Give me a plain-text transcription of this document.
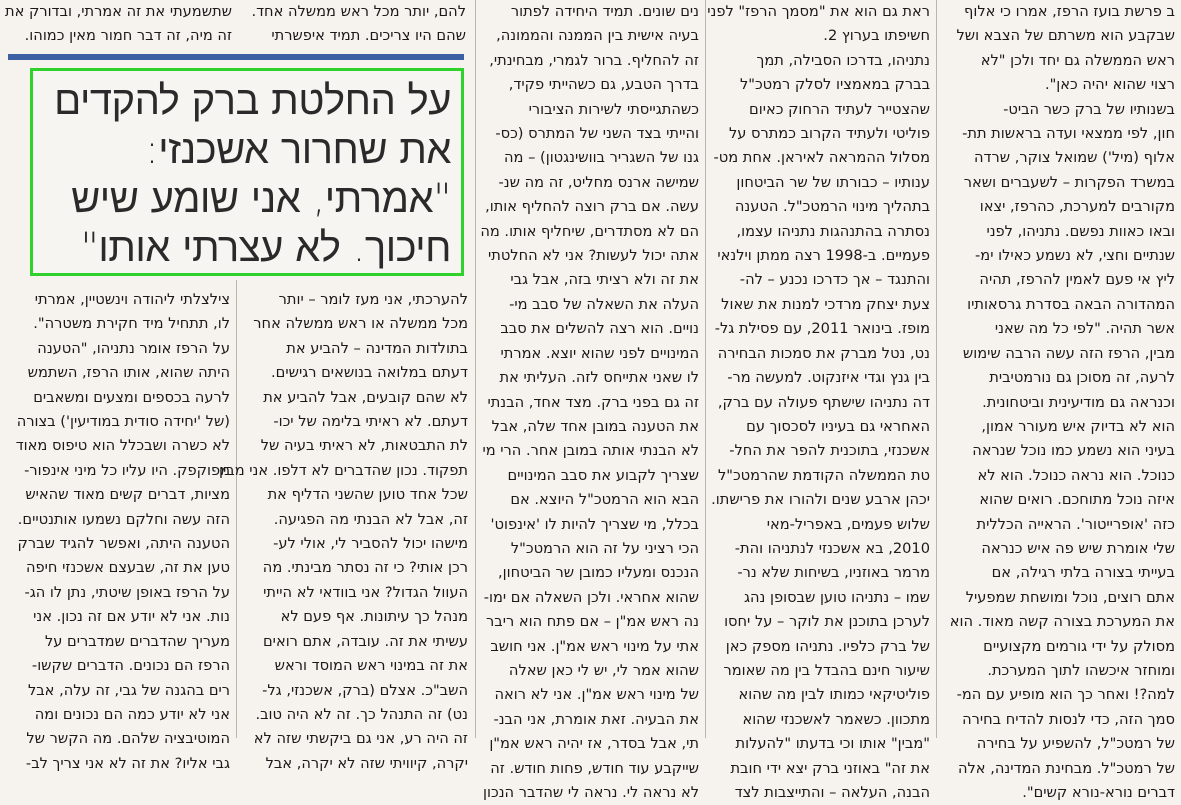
ב פרשת בועז הרפז, אמרו כי אלוף
שבקבע הוא משרתם של הצבא ושל
ראש הממשלה גם יחד ולכן "לא
רצוי שהוא יהיה כאן".
בשנותיו של ברק כשר הביט-
חון, לפי ממצאי ועדה בראשות תת-
אלוף (מיל') שמואל צוקר, שרדה
במשרד הפקרות – לשעברים ושאר
מקורבים למערכת, כהרפז, יצאו
ובאו כאוות נפשם. נתניהו, לפני
שנתיים וחצי, לא נשמע כאילו ימ-
ליץ אי פעם לאמין להרפז, תהיה
המהדורה הבאה בסדרת גרסאותיו
אשר תהיה. "לפי כל מה שאני
מבין, הרפז הזה עשה הרבה שימוש
לרעה, זה מסוכן גם נורמטיבית
וכנראה גם מודיעינית וביטחונית.
הוא לא בדיוק איש מעורר אמון,
בעיני הוא נשמע כמו נוכל שנראה
כנוכל. הוא נראה כנוכל. הוא לא
איזה נוכל מתוחכם. רואים שהוא
כזה 'אופרייטור'. הראייה הכללית
שלי אומרת שיש פה איש כנראה
בעייתי בצורה בלתי רגילה, אם
אתם רוצים, נוכל ומושחת שמפעיל
את המערכת בצורה קשה מאוד. הוא
מסולק על ידי גורמים מקצועיים
ומוחזר איכשהו לתוך המערכת.
למה?! ואחר כך הוא מופיע עם המ-
סמך הזה, כדי לנסות להדיח בחירה
של רמטכ"ל, להשפיע על בחירה
של רמטכ"ל. מבחינת המדינה, אלה
דברים נורא-נורא קשים".
ראת גם הוא את "מסמך הרפז" לפני
חשיפתו בערוץ 2.
נתניהו, בדרכו הסבילה, תמך
בברק במאמציו לסלק רמטכ"ל
שהצטייר לעתיד הרחוק כאיום
פוליטי ולעתיד הקרוב כמתרס על
מסלול ההמראה לאיראן. אחת מט-
ענותיו – כבורתו של שר הביטחון
בתהליך מינוי הרמטכ"ל. הטענה
נסתרה בהתנהגות נתניהו עצמו,
פעמיים. ב-1998 רצה ממתן וילנאי
והתנגד – אך כדרכו נכנע – לה-
צעת יצחק מרדכי למנות את שאול
מופז. בינואר 2011, עם פסילת גל-
נט, נטל מברק את סמכות הבחירה
בין גנץ וגדי איזנקוט. למעשה מר-
דה נתניהו שישתף פעולה עם ברק,
האחראי גם בעיניו לסכסוך עם
אשכנזי, בתוכנית להפר את החל-
טת הממשלה הקודמת שהרמטכ"ל
יכהן ארבע שנים ולהורו את פרישתו.
שלוש פעמים, באפריל-מאי
2010, בא אשכנזי לנתניהו והת-
מרמר באוזניו, בשיחות שלא נר-
שמו – נתניהו טוען שבסופן נהג
לערכן בתוכנן את לוקר – על יחסו
של ברק כלפיו. נתניהו מספק כאן
שיעור חינם בהבדל בין מה שאומר
פוליטיקאי כמותו לבין מה שהוא
מתכוון. כשאמר לאשכנזי שהוא
"מבין" אותו וכי בדעתו "להעלות
את זה" באוזני ברק יצא ידי חובת
הבנה, העלאה – והתייצבות לצד
נים שונים. תמיד היחידה לפתור
בעיה אישית בין הממנה והממונה,
זה להחליף. ברור לגמרי, מבחינתי,
בדרך הטבע, גם כשהייתי פקיד,
כשהתגייסתי לשירות הציבורי
והייתי בצד השני של המתרס (כס-
גנו של השגריר בוושינגטון) – מה
שמישה ארנס מחליט, זה מה שנ-
עשה. אם ברק רוצה להחליף אותו,
הם לא מסתדרים, שיחליף אותו. מה
אתה יכול לעשות? אני לא החלטתי
את זה ולא רציתי בזה, אבל גבי
העלה את השאלה של סבב מי-
נויים. הוא רצה להשלים את סבב
המינויים לפני שהוא יוצא. אמרתי
לו שאני אתייחס לזה. העליתי את
זה גם בפני ברק. מצד אחד, הבנתי
את הטענה במובן אחד שלה, אבל
לא הבנתי אותה במובן אחר. הרי מי
שצריך לקבוע את סבב המינויים
הבא הוא הרמטכ"ל היוצא. אם
בכלל, מי שצריך להיות לו 'אינפוט'
הכי רציני על זה הוא הרמטכ"ל
הנכנס ומעליו כמובן שר הביטחון,
שהוא אחראי. ולכן השאלה אם ימו-
נה ראש אמ"ן – אם פתח הוא ריבר
אתי על מינוי ראש אמ"ן. אני חושב
שהוא אמר לי, יש לי כאן שאלה
של מינוי ראש אמ"ן. אני לא רואה
את הבעיה. זאת אומרת, אני הבנ-
תי, אבל בסדר, אז יהיה ראש אמ"ן
שייקבע עוד חודש, פחות חודש. זה
לא נראה לי. נראה לי שהדבר הנכון
להם, יותר מכל ראש ממשלה אחד.
שהם היו צריכים. תמיד איפשרתי
שתשמעתי את זה אמרתי, ובדורק את
זה מיה, זה דבר חמור מאין כמוהו.
על החלטת ברק להקדים
את שחרור אשכנזי:
"אמרתי, אני שומע שיש
חיכוך. לא עצרתי אותו"
להערכתי, אני מעז לומר – יותר
מכל ממשלה או ראש ממשלה אחר
בתולדות המדינה – להביע את
דעתם במלואה בנושאים רגישים.
לא שהם קובעים, אבל להביע את
דעתם. לא ראיתי בלימה של יכו-
לת התבטאות, לא ראיתי בעיה של
תפקוד. נכון שהדברים לא דלפו. אני מבין
שכל אחד טוען שהשני הדליף את
זה, אבל לא הבנתי מה הפגיעה.
מישהו יכול להסביר לי, אולי לע-
רכן אותי? כי זה נסתר מבינתי. מה
העוול הגדול? אני בוודאי לא הייתי
מנהל כך עיתונות. אף פעם לא
עשיתי את זה. עובדה, אתם רואים
את זה במינוי ראש המוסד וראש
השב"כ. אצלם (ברק, אשכנזי, גל-
נט) זה התנהל כך. זה לא היה טוב.
זה היה רע, אני גם ביקשתי שזה לא
יקרה, קיוויתי שזה לא יקרה, אבל
צילצלתי ליהודה וינשטיין, אמרתי
לו, תתחיל מיד חקירת משטרה".
על הרפז אומר נתניהו, "הטענה
היתה שהוא, אותו הרפז, השתמש
לרעה בכספים ומצעים ומשאבים
(של 'יחידה סודית במודיעין') בצורה
לא כשרה ושבכלל הוא טיפוס מאוד
מפוקפק. היו עליו כל מיני אינפור-
מציות, דברים קשים מאוד שהאיש
הזה עשה וחלקם נשמעו אותנטיים.
הטענה היתה, ואפשר להגיד שברק
טען את זה, שבעצם אשכנזי חיפה
על הרפז באופן שיטתי, נתן לו הג-
נות. אני לא יודע אם זה נכון. אני
מעריך שהדברים שמדברים על
הרפז הם נכונים. הדברים שקשו-
רים בהגנה של גבי, זה עלה, אבל
אני לא יודע כמה הם נכונים ומה
המוטיבציה שלהם. מה הקשר של
גבי אליו? את זה לא אני צריך לב-
